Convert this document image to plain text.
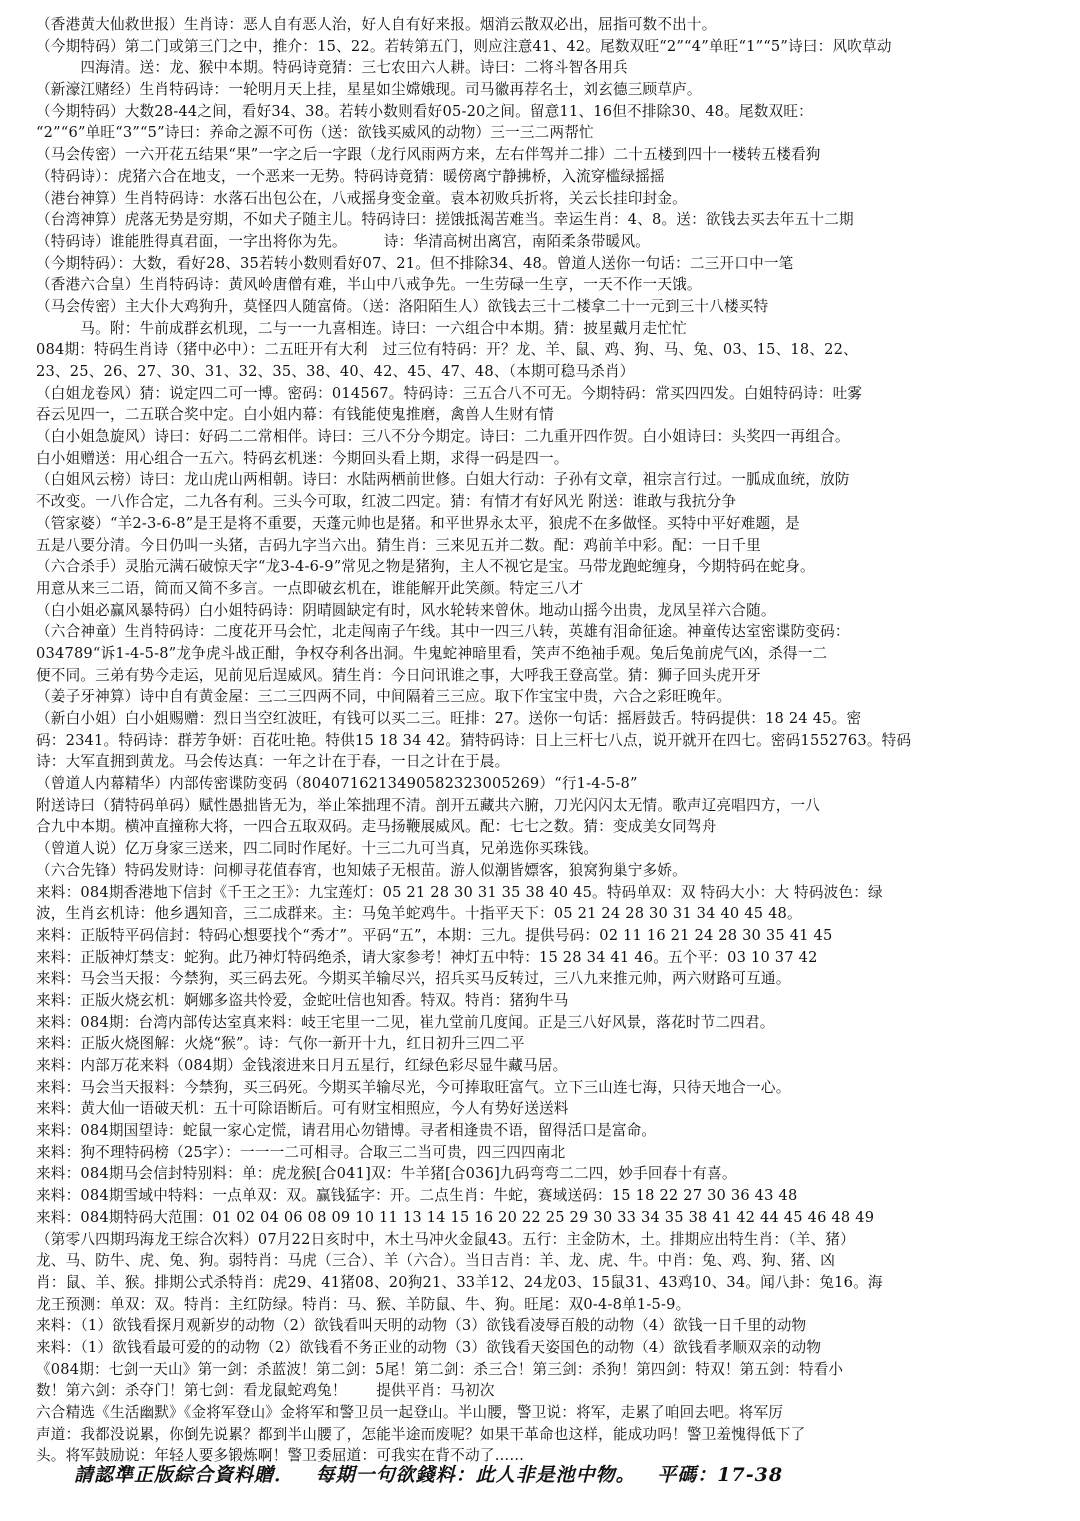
（香港黄大仙救世报）生肖诗：恶人自有恶人治，好人自有好来报。烟消云散双必出，屈指可数不出十。
（今期特码）第二门或第三门之中，推介：15、22。若转第五门，则应注意41、42。尾数双旺“2”“4”单旺“1”“5”诗曰：风吹草动
　　　四海清。送：龙、猴中本期。特码诗竟猜：三七农田六人耕。诗曰：二将斗智各用兵
（新濠江赌经）生肖特码诗：一轮明月天上挂，星星如尘嫦娥现。司马徽再荐名士，刘玄德三顾草庐。
（今期特码）大数28-44之间，看好34、38。若转小数则看好05-20之间。留意11、16但不排除30、48。尾数双旺：
“2”“6”单旺“3”“5”诗曰：养命之源不可伤（送：欲钱买威风的动物）三一三二两帮忙
（马会传密）一六开花五结果“果”一字之后一字跟（龙行风雨两方来，左右伴驾并二排）二十五楼到四十一楼转五楼看狗
（特码诗）：虎猪六合在地支，一个恶来一无势。特码诗竟猜：暖傍离宁静拂桥，入流穿槛绿摇摇
（港台神算）生肖特码诗：水落石出包公在，八戒摇身变金童。袁本初败兵折将，关云长挂印封金。
（台湾神算）虎落无势是穷期，不如犬子随主儿。特码诗曰：搓饿抵渴苦难当。幸运生肖：4、8。送：欲钱去买去年五十二期
（特码诗）谁能胜得真君面，一字出将你为先。　　　诗：华清高树出离宫，南陌柔条带暖风。
（今期特码）：大数，看好28、35若转小数则看好07、21。但不排除34、48。曾道人送你一句话：二三开口中一笔
（香港六合皇）生肖特码诗：黄风岭唐僧有难，半山中八戒争先。一生劳碌一生亨，一天不作一天饿。
（马会传密）主大仆大鸡狗升，莫怪四人随富倚。（送：洛阳陌生人）欲钱去三十二楼拿二十一元到三十八楼买特
　　　马。附：牛前成群玄机现，二与一一九喜相连。诗曰：一六组合中本期。猜：披星戴月走忙忙
084期：特码生肖诗（猪中必中）：二五旺开有大利　过三位有特码：开？龙、羊、鼠、鸡、狗、马、兔、03、15、18、22、
23、25、26、27、30、31、32、35、38、40、42、45、47、48、（本期可稳马杀肖）
（白姐龙卷风）猜：说定四二可一博。密码：014567。特码诗：三五合八不可无。今期特码：常买四四发。白姐特码诗：吐雾
吞云见四一，二五联合奖中定。白小姐内幕：有钱能使鬼推磨，禽兽人生财有情
（白小姐急旋风）诗曰：好码二二常相伴。诗曰：三八不分今期定。诗曰：二九重开四作贺。白小姐诗曰：头奖四一再组合。
白小姐赠送：用心组合一五六。特码玄机迷：今期回头看上期，求得一码是四一。
（白姐风云榜）诗曰：龙山虎山两相朝。诗曰：水陆两栖前世修。白姐大行动：子孙有文章，祖宗言行过。一胍成血统，放防
不改变。一八作合定，二九各有利。三头今可取，红波二四定。猜：有情才有好风光 附送：谁敢与我抗分争
（管家婆）“羊2-3-6-8”是王是将不重要，天蓬元帅也是猪。和平世界永太平，狼虎不在多做怪。买特中平好难题，是
五是八要分清。今日仍叫一头猪，吉码九字当六出。猜生肖：三来见五并二数。配：鸡前羊中彩。配：一日千里
（六合杀手）灵胎元满石破惊天字“龙3-4-6-9”常见之物是猪狗，主人不视它是宝。马带龙跑蛇缠身，今期特码在蛇身。
用意从来三二语，简而又简不多言。一点即破玄机在，谁能解开此笑颜。特定三八才
（白小姐必赢风暴特码）白小姐特码诗：阴晴圆缺定有时，风水轮转来曾休。地动山摇今出贵，龙凤呈祥六合随。
（六合神童）生肖特码诗：二度花开马会忙，北走闯南子午线。其中一四三八转，英雄有泪命征途。神童传达室密谍防变码：
034789“诉1-4-5-8”龙争虎斗战正酣，争权夺利各出洞。牛鬼蛇神暗里看，笑声不绝袖手观。兔后兔前虎气凶，杀得一二
便不同。三弟有势今走运，见前见后逞威风。猜生肖：今日问讯谁之事，大呼我王登高堂。猜：狮子回头虎开牙
（姜子牙神算）诗中自有黄金屋：三二三四两不同，中间隔着三三应。取下作宝宝中贵，六合之彩旺晚年。
（新白小姐）白小姐赐赠：烈日当空红波旺，有钱可以买二三。旺排：27。送你一句话：摇唇鼓舌。特码提供：18 24 45。密
码：2341。特码诗：群芳争妍：百花吐艳。特供15 18 34 42。猜特码诗：日上三杆七八点，说开就开在四七。密码1552763。特码
诗：大军直拥到黄龙。马会传达真：一年之计在于春，一日之计在于晨。
（曾道人内幕精华）内部传密谍防变码（804071621349058232300526​9）“行1-4-5-8”
附送诗曰（猜特码单码）赋性愚拙皆无为，举止笨拙理不清。剖开五藏共六腑，刀光闪闪太无情。歌声辽亮唱四方，一八
合九中本期。横冲直撞称大将，一四合五取双码。走马扬鞭展威风。配：七七之数。猜：变成美女同驾舟
（曾道人说）亿万身家三送来，四二同时作尾好。十三二九可当真，兄弟选你买珠钱。
（六合先锋）特码发财诗：问柳寻花值春宵，也知婊子无根苗。游人似潮皆嫖客，狼窝狗巢宁多娇。
来料：084期香港地下信封《千王之王》：九宝莲灯：05 21 28 30 31 35 38 40 45。特码单双：双 特码大小：大 特码波色：绿
波，生肖玄机诗：他乡遇知音，三二成群来。主：马兔羊蛇鸡牛。十指平天下：05 21 24 28 30 31 34 40 45 48。
来料：正版特平码信封：特码心想要找个“秀才”。平码“五”，本期：三九。提供号码：02 11 16 21 24 28 30 35 41 45
来料：正版神灯禁支：蛇狗。此乃神灯特码绝杀，请大家参考！神灯五中特：15 28 34 41 46。五个平：03 10 37 42
来料：马会当天报：今禁狗，买三码去死。今期买羊输尽兴，招兵买马反转过，三八九来推元帅，两六财路可互通。
来料：正版火烧玄机：婀娜多盗共怜爱，金蛇吐信也知香。特双。特肖：猪狗牛马
来料：084期：台湾内部传达室真来料：岐王宅里一二见，崔九堂前几度闻。正是三八好风景，落花时节二四君。
来料：正版火烧图解：火烧“猴”。诗：气你一新开十九，红日初升三四二平
来料：内部万花来料（084期）金钱滚进来日月五星行，红绿色彩尽显牛藏马居。
来料：马会当天报料：今禁狗，买三码死。今期买羊输尽光，今可捧取旺富气。立下三山连七海，只待天地合一心。
来料：黄大仙一语破天机：五十可除语断后。可有财宝相照应，今人有势好送送料
来料：084期国望诗：蛇鼠一家心定慌，请君用心勿错博。寻者相逢贵不语，留得活口是富命。
来料：狗不理特码榜（25字）：一一一二可相寻。合取三二当可贵，四三四四南北
来料：084期马会信封特别料：单：虎龙猴[合041]双：牛羊猪[合036]九码弯弯二二四，妙手回春十有喜。
来料：084期雪域中特料：一点单双：双。赢钱猛字：开。二点生肖：牛蛇，赛域送码：15 18 22 27 30 36 43 48
来料：084期特码大范围：01 02 04 06 08 09 10 11 13 14 15 16 20 22 25 29 30 33 34 35 38 41 42 44 45 46 48 49
（第零八四期玛海龙王综合次料）07月22日亥时中，木土马冲火金鼠43。五行：主金防木，土。排期应出特生肖：（羊、猪）
龙、马、防牛、虎、兔、狗。弱特肖：马虎（三合）、羊（六合）。当日吉肖：羊、龙、虎、牛。中肖：兔、鸡、狗、猪、凶
肖：鼠、羊、猴。排期公式杀特肖：虎29、41猪08、20狗21、33羊12、24龙03、15鼠31、43鸡10、34。闻八卦：兔16。海
龙王预测：单双：双。特肖：主红防绿。特肖：马、猴、羊防鼠、牛、狗。旺尾：双0-4-8单1-5-9。
来料：（1）欲钱看探月观新岁的动物（2）欲钱看叫天明的动物（3）欲钱看凌辱百般的动物（4）欲钱一日千里的动物
来料：（1）欲钱看最可爱的的动物（2）欲钱看不务正业的动物（3）欲钱看天姿国色的动物（4）欲钱看孝顺双亲的动物
《084期：七剑一天山》第一剑：杀蓝波！第二剑：5尾！第二剑：杀三合！第三剑：杀狗！第四剑：特双！第五剑：特看小
数！第六剑：杀夺门！第七剑：看龙鼠蛇鸡兔！　　提供平肖：马初次
六合精选《生活幽默》《金将军登山》金将军和警卫员一起登山。半山腰，警卫说：将军，走累了咱回去吧。将军厉
声道：我都没说累，你倒先说累？都到半山腰了，怎能半途而废呢？如果干革命也这样，能成功吗！警卫羞愧得低下了
头。将军鼓励说：年轻人要多锻炼啊！警卫委屈道：可我实在背不动了……
請認準正版綜合資料贈． 每期一句欲錢料：此人非是池中物。 平碼：17-38
